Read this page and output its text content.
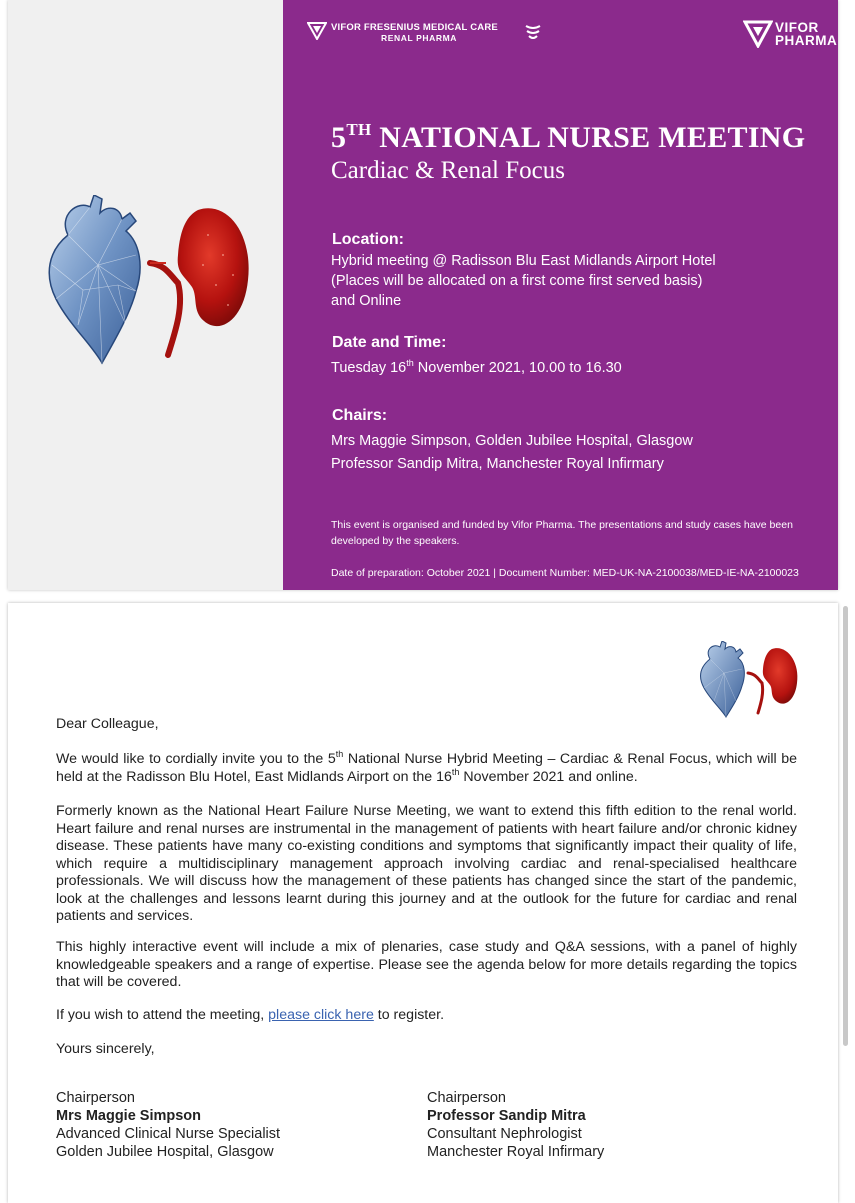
VIFOR FRESENIUS MEDICAL CARE
RENAL PHARMA
VIFOR
PHARMA
5TH NATIONAL NURSE MEETING
Cardiac & Renal Focus
Location:
Hybrid meeting @ Radisson Blu East Midlands Airport Hotel
(Places will be allocated on a first come first served basis)
and Online
Date and Time:
Tuesday 16th November 2021, 10.00 to 16.30
Chairs:
Mrs Maggie Simpson, Golden Jubilee Hospital, Glasgow
Professor Sandip Mitra, Manchester Royal Infirmary
This event is organised and funded by Vifor Pharma. The presentations and study cases have been developed by the speakers.
Date of preparation: October 2021 | Document Number: MED-UK-NA-2100038/MED-IE-NA-2100023
Dear Colleague,
We would like to cordially invite you to the 5th National Nurse Hybrid Meeting – Cardiac & Renal Focus, which will be held at the Radisson Blu Hotel, East Midlands Airport on the 16th November 2021 and online.
Formerly known as the National Heart Failure Nurse Meeting, we want to extend this fifth edition to the renal world. Heart failure and renal nurses are instrumental in the management of patients with heart failure and/or chronic kidney disease. These patients have many co-existing conditions and symptoms that significantly impact their quality of life, which require a multidisciplinary management approach involving cardiac and renal-specialised healthcare professionals. We will discuss how the management of these patients has changed since the start of the pandemic, look at the challenges and lessons learnt during this journey and at the outlook for the future for cardiac and renal patients and services.
This highly interactive event will include a mix of plenaries, case study and Q&A sessions, with a panel of highly knowledgeable speakers and a range of expertise. Please see the agenda below for more details regarding the topics that will be covered.
If you wish to attend the meeting, please click here to register.
Yours sincerely,
Chairperson
Mrs Maggie Simpson
Advanced Clinical Nurse Specialist
Golden Jubilee Hospital, Glasgow
Chairperson
Professor Sandip Mitra
Consultant Nephrologist
Manchester Royal Infirmary
